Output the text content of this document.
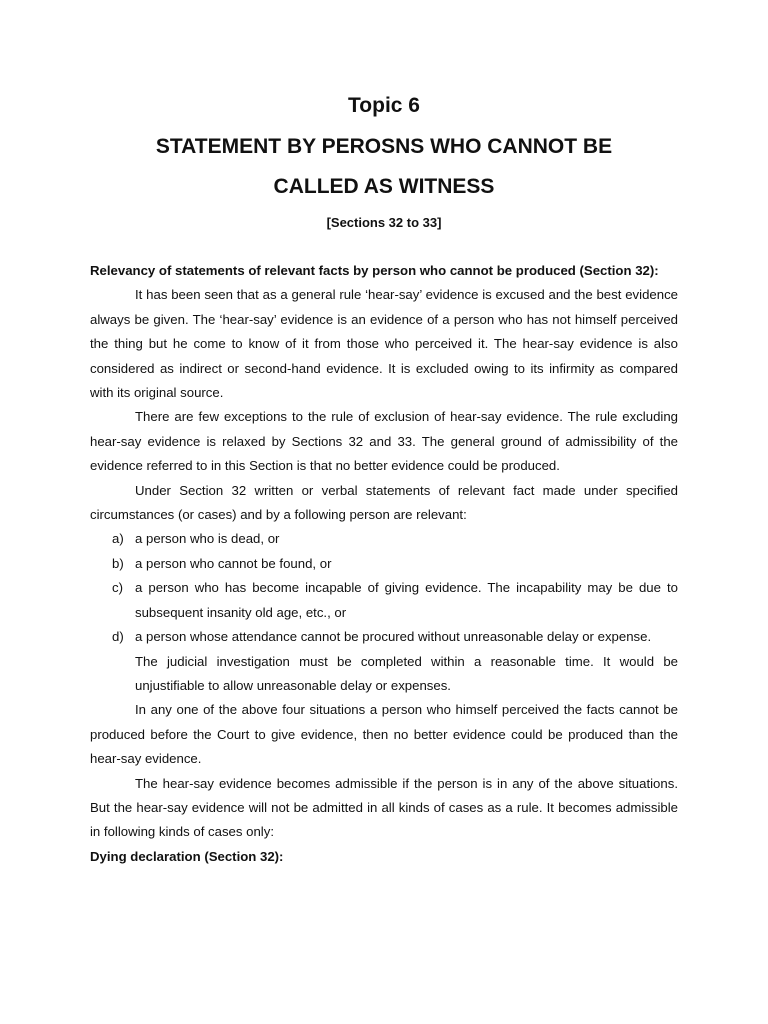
Topic 6
STATEMENT BY PEROSNS WHO CANNOT BE
CALLED AS WITNESS
[Sections 32 to 33]

Relevancy of statements of relevant facts by person who cannot be produced (Section 32):

It has been seen that as a general rule ‘hear-say’ evidence is excused and the best evidence always be given. The ‘hear-say’ evidence is an evidence of a person who has not himself perceived the thing but he come to know of it from those who perceived it. The hear-say evidence is also considered as indirect or second-hand evidence. It is excluded owing to its infirmity as compared with its original source.

There are few exceptions to the rule of exclusion of hear-say evidence. The rule excluding hear-say evidence is relaxed by Sections 32 and 33. The general ground of admissibility of the evidence referred to in this Section is that no better evidence could be produced.

Under Section 32 written or verbal statements of relevant fact made under specified circumstances (or cases) and by a following person are relevant:

a) a person who is dead, or
b) a person who cannot be found, or
c) a person who has become incapable of giving evidence. The incapability may be due to subsequent insanity old age, etc., or
d) a person whose attendance cannot be procured without unreasonable delay or expense.

The judicial investigation must be completed within a reasonable time. It would be unjustifiable to allow unreasonable delay or expenses.

In any one of the above four situations a person who himself perceived the facts cannot be produced before the Court to give evidence, then no better evidence could be produced than the hear-say evidence.

The hear-say evidence becomes admissible if the person is in any of the above situations. But the hear-say evidence will not be admitted in all kinds of cases as a rule. It becomes admissible in following kinds of cases only:

Dying declaration (Section 32):
